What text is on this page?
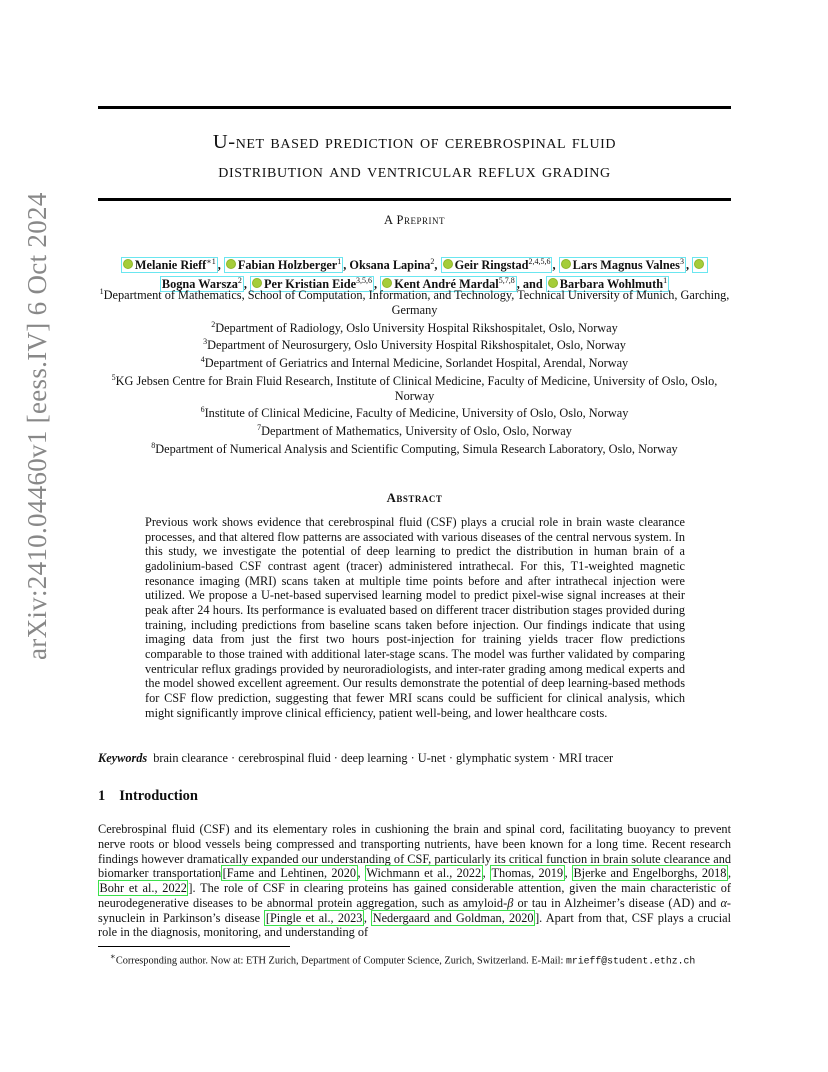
arXiv:2410.04460v1 [eess.IV] 6 Oct 2024
U-net based prediction of cerebrospinal fluid
distribution and ventricular reflux grading
A Preprint
Melanie Rieff$^{∗1}$ , Fabian Holzberger$^1$ , Oksana Lapina$^2$, Geir Ringstad$^{2,4,5,6}$ , Lars Magnus Valnes$^3$ ,
Bogna Warsza$^2$ , Per Kristian Eide$^{3,5,6}$ , Kent André Mardal$^{5,7,8}$ , and Barbara Wohlmuth$^1$
$^1$Department of Mathematics, School of Computation, Information, and Technology, Technical University of Munich, Garching, Germany
$^2$Department of Radiology, Oslo University Hospital Rikshospitalet, Oslo, Norway
$^3$Department of Neurosurgery, Oslo University Hospital Rikshospitalet, Oslo, Norway
$^4$Department of Geriatrics and Internal Medicine, Sorlandet Hospital, Arendal, Norway
$^5$KG Jebsen Centre for Brain Fluid Research, Institute of Clinical Medicine, Faculty of Medicine, University of Oslo, Oslo, Norway
$^6$Institute of Clinical Medicine, Faculty of Medicine, University of Oslo, Oslo, Norway
$^7$Department of Mathematics, University of Oslo, Oslo, Norway
$^8$Department of Numerical Analysis and Scientific Computing, Simula Research Laboratory, Oslo, Norway
Abstract
Previous work shows evidence that cerebrospinal fluid (CSF) plays a crucial role in brain waste clearance processes, and that altered flow patterns are associated with various diseases of the central nervous system. In this study, we investigate the potential of deep learning to predict the distribution in human brain of a gadolinium-based CSF contrast agent (tracer) administered intrathecal. For this, T1-weighted magnetic resonance imaging (MRI) scans taken at multiple time points before and after intrathecal injection were utilized. We propose a U-net-based supervised learning model to predict pixel-wise signal increases at their peak after 24 hours. Its performance is evaluated based on different tracer distribution stages provided during training, including predictions from baseline scans taken before injection. Our findings indicate that using imaging data from just the first two hours post-injection for training yields tracer flow predictions comparable to those trained with additional later-stage scans. The model was further validated by comparing ventricular reflux gradings provided by neuroradiologists, and inter-rater grading among medical experts and the model showed excellent agreement. Our results demonstrate the potential of deep learning-based methods for CSF flow prediction, suggesting that fewer MRI scans could be sufficient for clinical analysis, which might significantly improve clinical efficiency, patient well-being, and lower healthcare costs.
Keywords brain clearance · cerebrospinal fluid · deep learning · U-net · glymphatic system · MRI tracer
1 Introduction
Cerebrospinal fluid (CSF) and its elementary roles in cushioning the brain and spinal cord, facilitating buoyancy to prevent nerve roots or blood vessels being compressed and transporting nutrients, have been known for a long time. Recent research findings however dramatically expanded our understanding of CSF, particularly its critical function in brain solute clearance and biomarker transportation [Fame and Lehtinen, 2020 , Wichmann et al., 2022 , Thomas, 2019 , Bjerke and Engelborghs, 2018 , Bohr et al., 2022 ]. The role of CSF in clearing proteins has gained considerable attention, given the main characteristic of neurodegenerative diseases to be abnormal protein aggregation, such as amyloid-β or tau in Alzheimer’s disease (AD) and α-synuclein in Parkinson’s disease [Pingle et al., 2023 , Nedergaard and Goldman, 2020 ]. Apart from that, CSF plays a crucial role in the diagnosis, monitoring, and understanding of
∗Corresponding author. Now at: ETH Zurich, Department of Computer Science, Zurich, Switzerland. E-Mail: mrieff@student.ethz.ch
